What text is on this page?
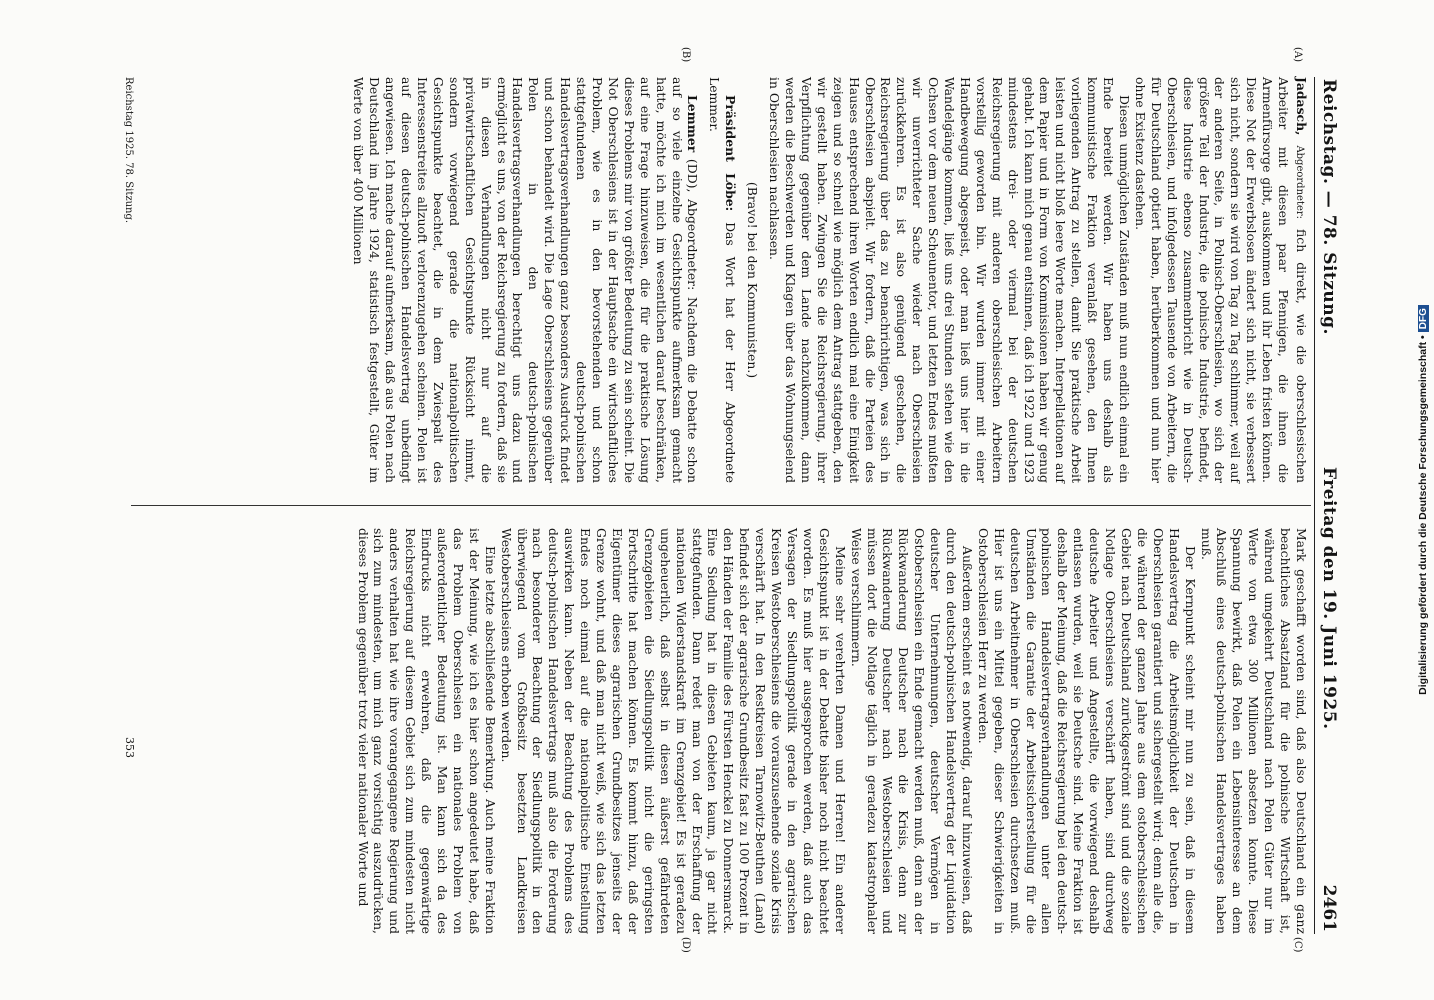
Reichstag. — 78. Sitzung.
Freitag den 19. Juni 1925.
2461
(A)
(B)
(C)
(D)

Jadasch, Abgeordneter: fich direkt, wie die oberschlesischen Arbeiter mit diesen paar Pfennigen, die ihnen die Armenfürsorge gibt, auskommen und ihr Leben fristen können. Diese Not der Erwerbslosen ändert sich nicht, sie verbessert sich nicht, sondern sie wird von Tag zu Tag schlimmer, weil auf der anderen Seite, in Polnisch-Oberschlesien, wo sich der größere Teil der Industrie, die polnische Industrie, befindet, diese Industrie ebenso zusammenbricht wie in Deutsch-Oberschlesien, und infolgedessen Tausende von Arbeitern, die für Deutschland optiert haben, herüberkommen und nun hier ohne Existenz dastehen.

Diesen unmöglichen Zuständen muß nun endlich einmal ein Ende bereitet werden. Wir haben uns deshalb als kommunistische Fraktion veranlaßt gesehen, den Ihnen vorliegenden Antrag zu stellen, damit Sie praktische Arbeit leisten und nicht bloß leere Worte machen. Interpellationen auf dem Papier und in Form von Kommissionen haben wir genug gehabt. Ich kann mich genau entsinnen, daß ich 1922 und 1923 mindestens drei- oder viermal bei der deutschen Reichsregierung mit anderen oberschlesischen Arbeitern vorstellig geworden bin. Wir wurden immer mit einer Handbewegung abgespeist, oder man ließ uns hier in die Wandelgänge kommen, ließ uns drei Stunden stehen wie den Ochsen vor dem neuen Scheunentor, und letzten Endes mußten wir unverrichteter Sache wieder nach Oberschlesien zurückkehren. Es ist also genügend geschehen, die Reichsregierung über das zu benachrichtigen, was sich in Oberschlesien abspielt. Wir fordern, daß die Parteien des Hauses entsprechend ihren Worten endlich mal eine Einigkeit zeigen und so schnell wie möglich dem Antrag stattgeben, den wir gestellt haben. Zwingen Sie die Reichsregierung, ihrer Verpflichtung gegenüber dem Lande nachzukommen, dann werden die Beschwerden und Klagen über das Wohnungselend in Oberschlesien nachlassen.

(Bravo! bei den Kommunisten.)

Präsident Löbe: Das Wort hat der Herr Abgeordnete Lemmer.

Lemmer (DD), Abgeordneter: Nachdem die Debatte schon auf so viele einzelne Gesichtspunkte aufmerksam gemacht hatte, möchte ich mich im wesentlichen darauf beschränken, auf eine Frage hinzuweisen, die für die praktische Lösung dieses Problems mir von größter Bedeutung zu sein scheint. Die Not Oberschlesiens ist in der Hauptsache ein wirtschaftliches Problem, wie es in den bevorstehenden und schon stattgefundenen deutsch-polnischen Handelsvertragsverhandlungen ganz besonders Ausdruck findet und schon behandelt wird. Die Lage Oberschlesiens gegenüber Polen in den deutsch-polnischen Handelsvertragsverhandlungen berechtigt uns dazu und ermöglicht es uns, von der Reichsregierung zu fordern, daß sie in diesen Verhandlungen nicht nur auf die privatwirtschaftlichen Gesichtspunkte Rücksicht nimmt, sondern vorwiegend gerade die nationalpolitischen Gesichtspunkte beachtet, die in dem Zwiespalt des Interessenstreites allzuoft verlorenzugehen scheinen. Polen ist auf diesen deutsch-polnischen Handelsvertrag unbedingt angewiesen. Ich mache darauf aufmerksam, daß aus Polen nach Deutschland im Jahre 1924, statistisch festgestellt, Güter im Werte von über 400 Millionen

Mark geschafft worden sind, daß also Deutschland ein ganz beachtliches Absatzland für die polnische Wirtschaft ist, während umgekehrt Deutschland nach Polen Güter nur im Werte von etwa 300 Millionen absetzen konnte. Diese Spannung bewirkt, daß Polen ein Lebensinteresse an dem Abschluß eines deutsch-polnischen Handelsvertrages haben muß.

Der Kernpunkt scheint mir nun zu sein, daß in diesem Handelsvertrag die Arbeitsmöglichkeit der Deutschen in Oberschlesien garantiert und sichergestellt wird; denn alle die, die während der ganzen Jahre aus dem ostoberschlesischen Gebiet nach Deutschland zurückgeströmt sind und die soziale Notlage Oberschlesiens verschärft haben, sind durchweg deutsche Arbeiter und Angestellte, die vorwiegend deshalb entlassen wurden, weil sie Deutsche sind. Meine Fraktion ist deshalb der Meinung, daß die Reichsregierung bei den deutsch-polnischen Handelsvertragsverhandlungen unter allen Umständen die Garantie der Arbeitssicherstellung für die deutschen Arbeitnehmer in Oberschlesien durchsetzen muß. Hier ist uns ein Mittel gegeben, dieser Schwierigkeiten in Ostoberschlesien Herr zu werden.

Außerdem erscheint es notwendig, darauf hinzuweisen, daß durch den deutsch-polnischen Handelsvertrag der Liquidation deutscher Unternehmungen, deutscher Vermögen in Ostoberschlesien ein Ende gemacht werden muß, denn an der Rückwanderung Deutscher nach die Krisis, denn zur Rückwanderung Deutscher nach Westoberschlesien und müssen dort die Notlage täglich in geradezu katastrophaler Weise verschlimmern.

Meine sehr verehrten Damen und Herren! Ein anderer Gesichtspunkt ist in der Debatte bisher noch nicht beachtet worden. Es muß hier ausgesprochen werden, daß auch das Versagen der Siedlungspolitik gerade in den agrarischen Kreisen Westoberschlesiens die vorauszusehende soziale Krisis verschärft hat. In den Restkreisen Tarnowitz-Beuthen (Land) befindet sich der agrarische Grundbesitz fast zu 100 Prozent in den Händen der Familie des Fürsten Henckel zu Donnersmarck. Eine Siedlung hat in diesen Gebieten kaum, ja gar nicht stattgefunden. Dann redet man von der Erschaffung der nationalen Widerstandskraft im Grenzgebiet! Es ist geradezu ungeheuerlich, daß selbst in diesen äußerst gefährdeten Grenzgebieten die Siedlungspolitik nicht die geringsten Fortschritte hat machen können. Es kommt hinzu, daß der Eigentümer dieses agrarischen Grundbesitzes jenseits der Grenze wohnt, und daß man nicht weiß, wie sich das letzten Endes noch einmal auf die nationalpolitische Einstellung auswirken kann. Neben der Beachtung des Problems des deutsch-polnischen Handelsvertrags muß also die Forderung nach besonderer Beachtung der Siedlungspolitik in den überwiegend vom Großbesitz besetzten Landkreisen Westoberschlesiens erhoben werden.

Eine letzte abschließende Bemerkung. Auch meine Fraktion ist der Meinung, wie ich es hier schon angedeutet habe, daß das Problem Oberschlesien ein nationales Problem von außerordentlicher Bedeutung ist. Man kann sich da des Eindrucks nicht erwehren, daß die gegenwärtige Reichsregierung auf diesem Gebiet sich zum mindesten nicht anders verhalten hat wie ihre vorangegangene Regierung und sich zum mindesten, um mich ganz vorsichtig auszudrücken, dieses Problem gegenüber trotz vieler nationaler Worte und

Reichstag 1925. 78. Sitzung.
353
Digitalisierung gefördert durch die Deutsche Forschungsgemeinschaft •DFG
